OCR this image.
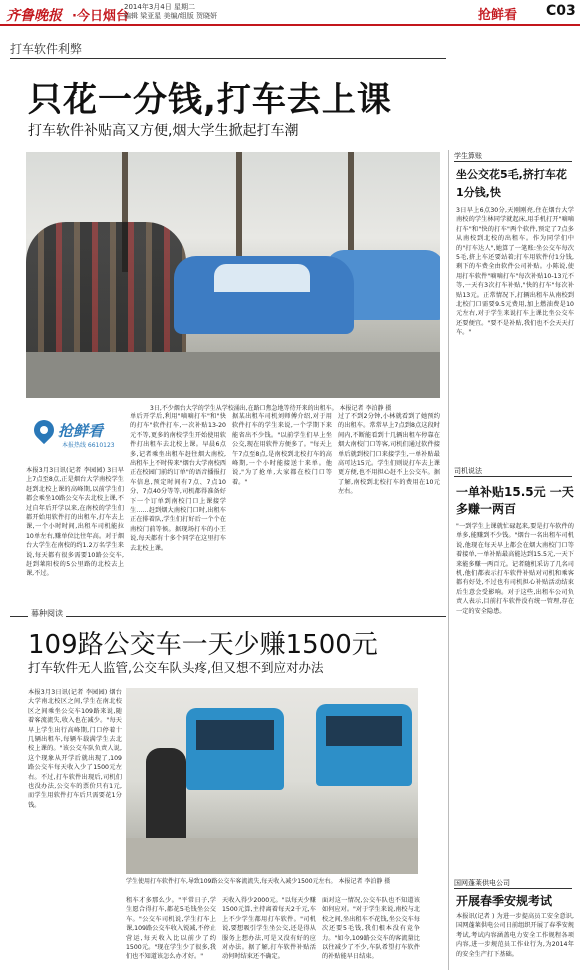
齐鲁晚报 ·今日烟台
2014年3月4日 星期二
编辑 梁亚星 美编/组版 贺晓妍	抢鲜看 C03
打车软件利弊
只花一分钱,打车去上课
打车软件补贴高又方便,烟大学生掀起打车潮
3日,不少烟台大学的学生从学校涌出,在路口焦急地等待开来的出租车。 本报记者 李泊静 摄
抢鲜看
本报热线 6610123
本报3月3日讯(记者 李园园) 3日早上7点至8点,正是烟台大学南校学生赶到北校上课的高峰期,以前学生们都会乘坐10路公交车去北校上课,不过自年后开学以来,在南校的学生们都开始用软件打的出租车,打车去上课,一个小时时间,出租车司机能拉10单左右,赚单位比往年高。对于烟台大学生在南校的约1.2万名学生来说,每天都有很多需要10路公交车,赶到莱阳校的5公里路的北校去上课,不过。
单后开学后,利用"嘀嘀打车"和"快的打车"软件打车,一次补贴13-20元不等,更多的南校学生开始使用软件打出租车去北校上课。早晨6点多,记者乘坐出租车赶往烟大南校,出租车上不时传来"烟台大学南校西正在校园门前约订单"的语音播报打车信息,预定时间有7点、7点10分、7点40分等等,司机都得准备好下一个订单到南校门口上课接学生……赶到烟大南校门口时,出租车正在排着队,学生们打好后一个个在南校门前等候。据现场打车的小王说,每天都有十多个同学在这里打车去北校上课。
据某出租车司机刘师傅介绍,对于用软件打车的学生来说,一个学期下来能省出不少钱。"以前学生们早上坐公交,现在用软件方便多了。"每天上午7点至8点,是南校到北校打车的高峰期,一个小时能接送十来单。他说,"为了抢单,大家都在校门口等着。"
过了不到2分钟,小林就看到了她预约的出租车。常常早上7点到8点这段时间内,不断能看到十几辆出租车停靠在烟大南校门口等客,司机们通过软件接单后就到校门口来接学生,一单补贴最高可达15元。学生们则说打车去上课更方便,也不用担心赶不上公交车。据了解,南校到北校打车的费用在10元左右。
幕种阅读
109路公交车一天少赚1500元
打车软件无人监管,公交车队头疼,但又想不到应对办法
本报3月3日讯(记者 李园园) 烟台大学南北校区之间,学生在南北校区之间乘坐公交车109路来说,随着客流流失,收入也在减少。"每天早上学生出行高峰期,门口停着十几辆出租车,每辆车载满学生去北校上课的。"该公交车队负责人说,这个现象从开学后就出现了,109路公交车每天收入少了1500元左右。不过,打车软件出现后,司机们也没办法,公交车的票价只有1元,而学生用软件打车后只需要花1分钱。
学生使用打车软件打车,导致109路公交车客流流失,每天收入减少1500元左右。 本报记者 李泊静 摄
租车才多那么少。"平常日子,学生愿合得打车,都花5毛钱坐公交车。"公交车司机说,学生打车上课,109路公交车收入锐减,不停止营运,每天收入比以前少了约1500元。"现在学生少了很多,我们也不知道该怎么办才好。"
天收入得少2000元。"以每天少赚1500元算,主持离着每天2千元,车上不少学生都用打车软件。"司机说,要想吸引学生坐公交,还是得从服务上想办法,可是又没有好的应对办法。据了解,打车软件补贴活动何时结束还不确定。
面对这一情况,公交车队也不知道该如何应对。"对于学生来说,南校与北校之间,坐出租车不花钱,坐公交车每次还要5毛钱,我们根本没有竞争力。"如今,109路公交车的客流量比以往减少了不少,车队希望打车软件的补贴能早日结束。
学生算账
坐公交花5毛,挤打车花1分钱,快
3日早上6点30分,天刚刚亮,住在烟台大学南校的学生林同学就起床,用手机打开"嘀嘀打车"和"快的打车"两个软件,预定了7点多从南校到北校的出租车。作为同学们中的"打车达人",她算了一笔账:坐公交车每次5毛,挤上车还要站着;打车用软件付1分钱,剩下的车费全由软件公司补贴。小陈说,使用打车软件"嘀嘀打车"每次补贴10-13元不等,一天有3次打车补贴,"快的打车"每次补贴13元。正常情况下,打辆出租车从南校到北校门口需要9.5元费用,加上燃油费是10元左右,对于学生来说打车上课比坐公交车还要便宜。"要不是补贴,我们也不会天天打车。"
司机说法
一单补贴15.5元 一天多赚一两百
"一到学生上课就忙碌起来,要是打车软件的单多,能赚到不少钱。"烟台一名出租车司机说,他现在每天早上都会在烟大南校门口等着接单,一单补贴最高能达到15.5元,一天下来能多赚一两百元。记者随机采访了几名司机,他们都表示打车软件补贴对司机和乘客都有好处,不过也有司机担心补贴活动结束后生意会受影响。对于这些,出租车公司负责人表示,目前打车软件没有统一管理,存在一定的安全隐患。
国网蓬莱供电公司
开展春季安规考试
本报讯(记者 ) 为进一步提高员工安全意识,国网蓬莱供电公司日前组织开展了春季安规考试,考试内容涵盖电力安全工作规程各项内容,进一步规范员工作业行为,为2014年的安全生产打下基础。
